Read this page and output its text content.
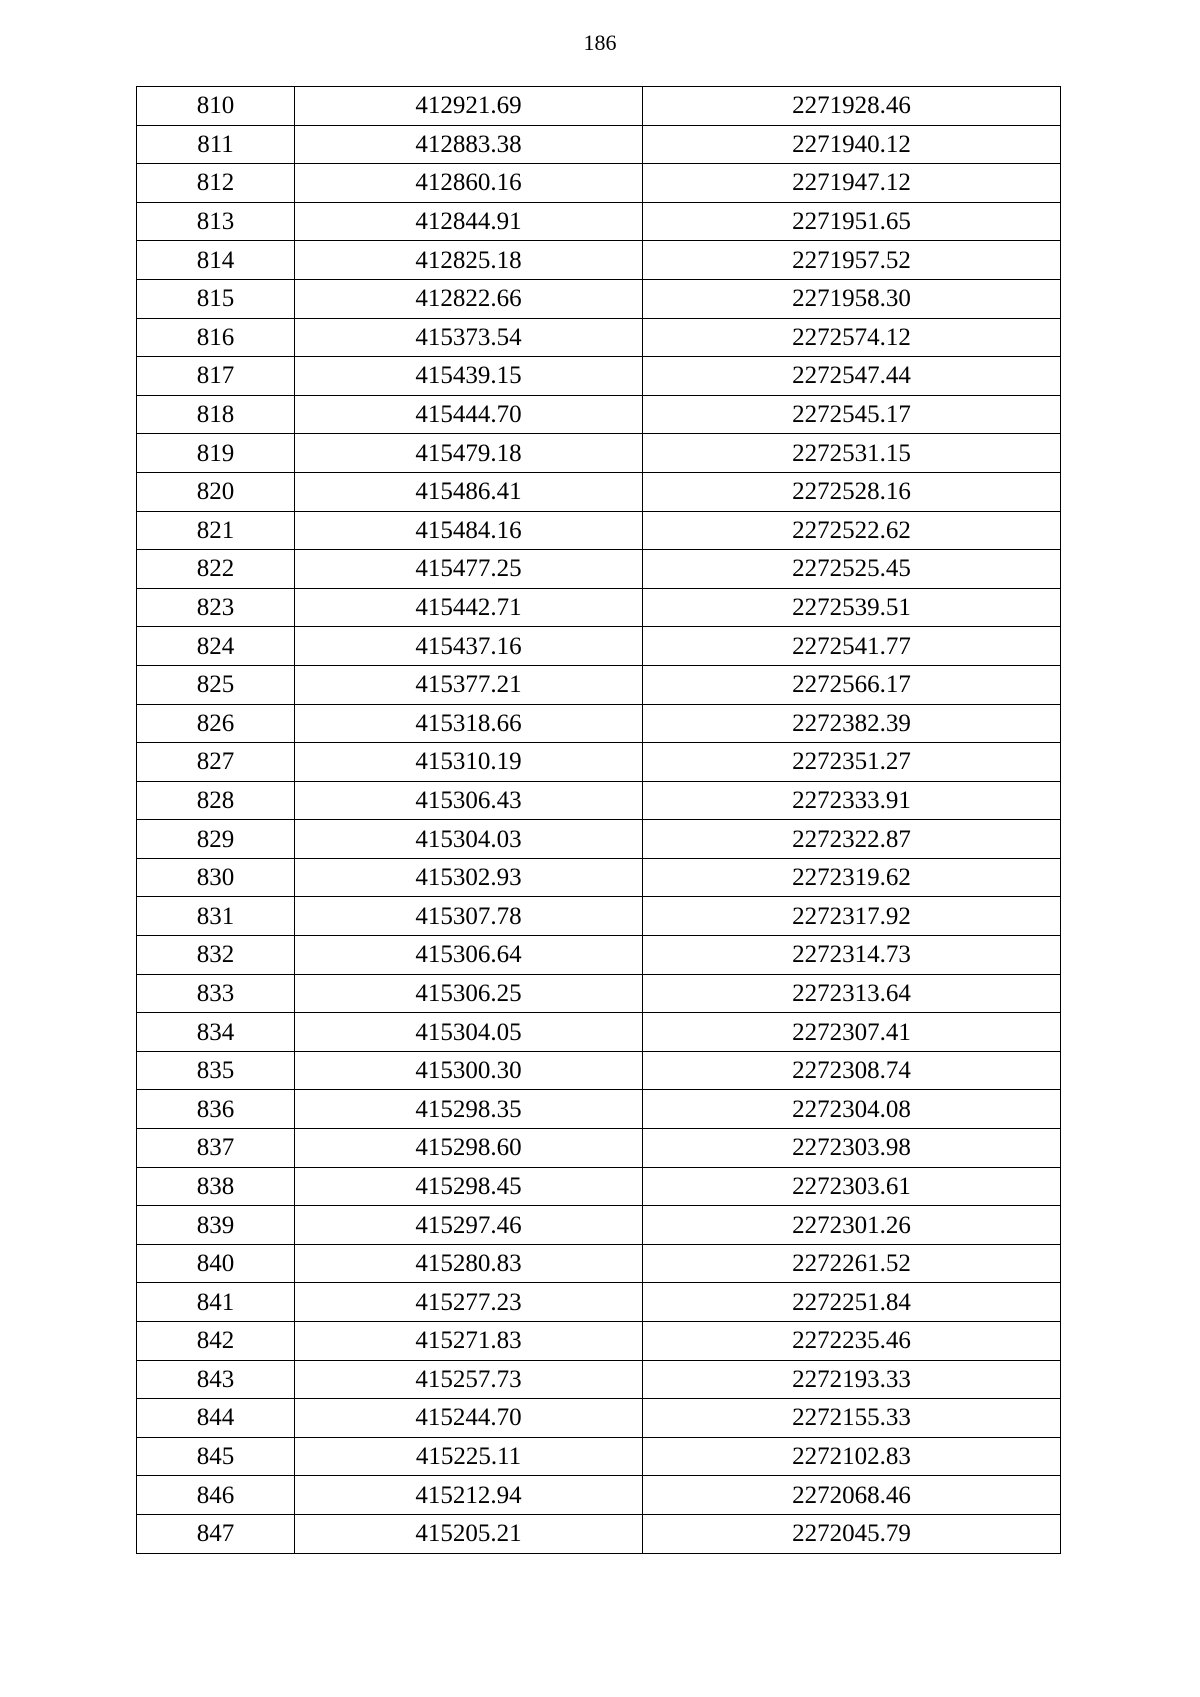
186
810	412921.69	2271928.46
811	412883.38	2271940.12
812	412860.16	2271947.12
813	412844.91	2271951.65
814	412825.18	2271957.52
815	412822.66	2271958.30
816	415373.54	2272574.12
817	415439.15	2272547.44
818	415444.70	2272545.17
819	415479.18	2272531.15
820	415486.41	2272528.16
821	415484.16	2272522.62
822	415477.25	2272525.45
823	415442.71	2272539.51
824	415437.16	2272541.77
825	415377.21	2272566.17
826	415318.66	2272382.39
827	415310.19	2272351.27
828	415306.43	2272333.91
829	415304.03	2272322.87
830	415302.93	2272319.62
831	415307.78	2272317.92
832	415306.64	2272314.73
833	415306.25	2272313.64
834	415304.05	2272307.41
835	415300.30	2272308.74
836	415298.35	2272304.08
837	415298.60	2272303.98
838	415298.45	2272303.61
839	415297.46	2272301.26
840	415280.83	2272261.52
841	415277.23	2272251.84
842	415271.83	2272235.46
843	415257.73	2272193.33
844	415244.70	2272155.33
845	415225.11	2272102.83
846	415212.94	2272068.46
847	415205.21	2272045.79
